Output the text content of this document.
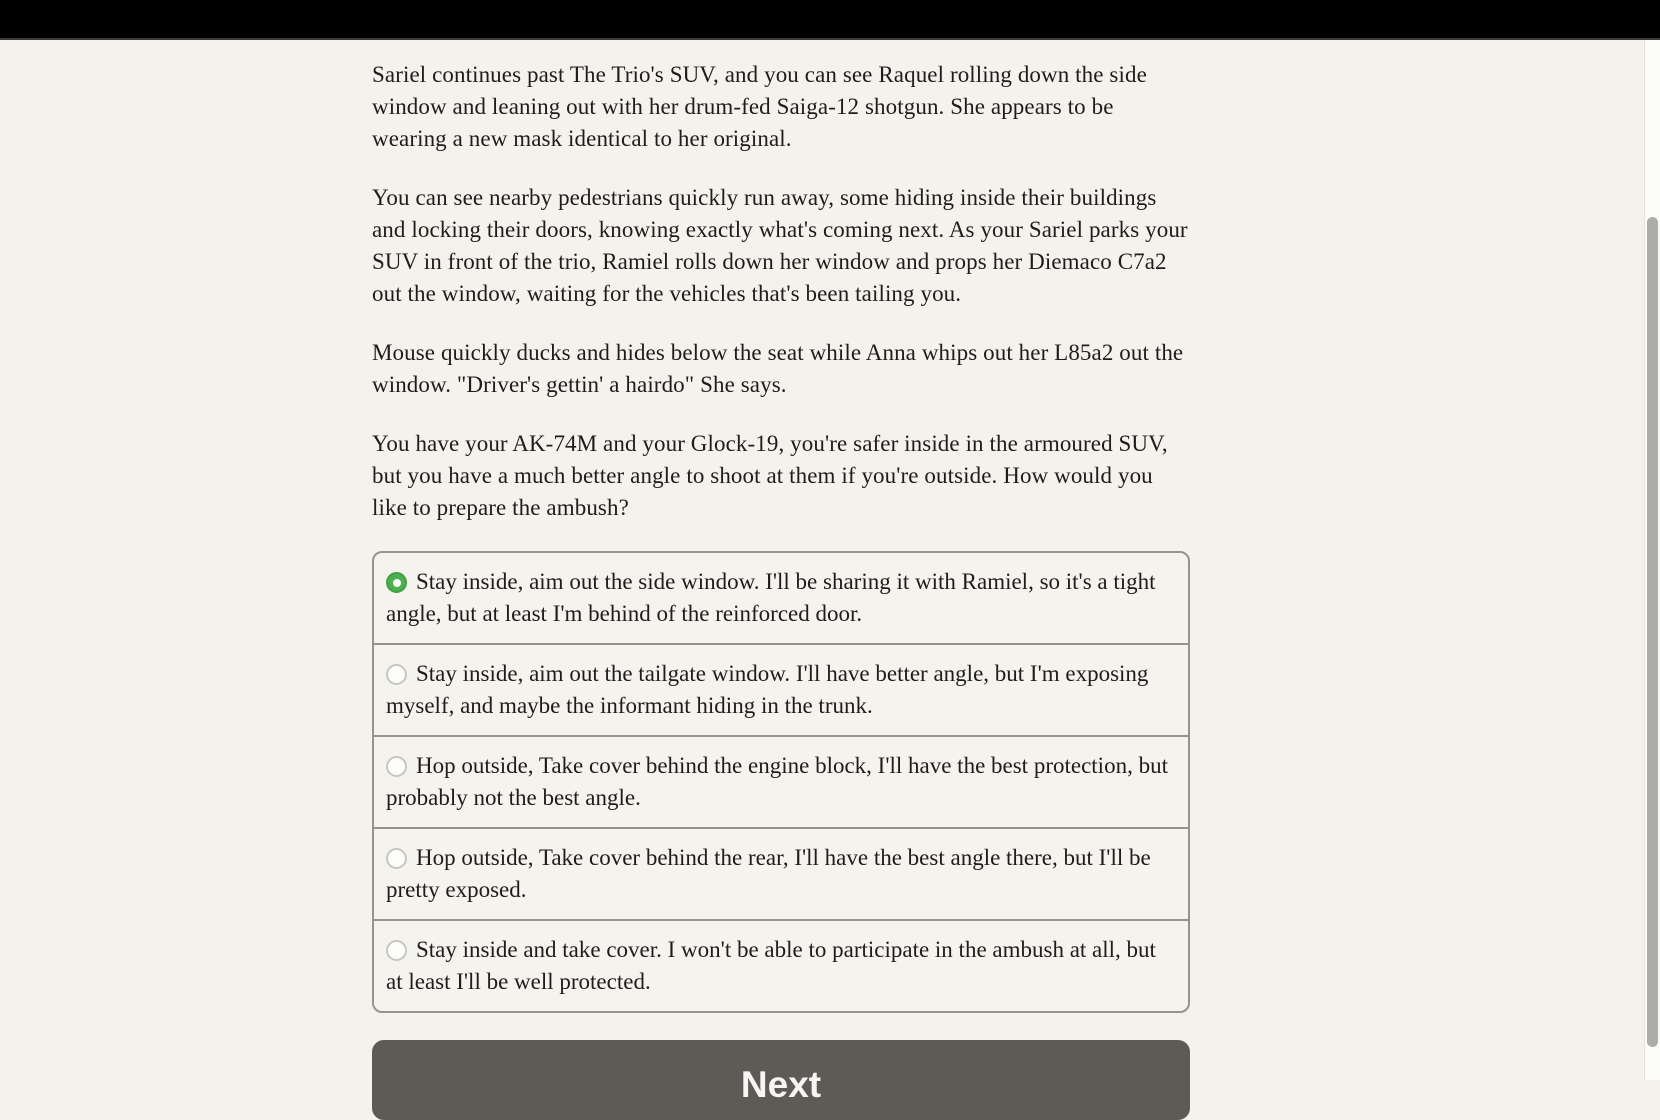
Sariel continues past The Trio's SUV, and you can see Raquel rolling down the side window and leaning out with her drum-fed Saiga-12 shotgun. She appears to be wearing a new mask identical to her original.

You can see nearby pedestrians quickly run away, some hiding inside their buildings and locking their doors, knowing exactly what's coming next. As your Sariel parks your SUV in front of the trio, Ramiel rolls down her window and props her Diemaco C7a2 out the window, waiting for the vehicles that's been tailing you.

Mouse quickly ducks and hides below the seat while Anna whips out her L85a2 out the window. "Driver's gettin' a hairdo" She says.

You have your AK-74M and your Glock-19, you're safer inside in the armoured SUV, but you have a much better angle to shoot at them if you're outside. How would you like to prepare the ambush?

Stay inside, aim out the side window. I'll be sharing it with Ramiel, so it's a tight angle, but at least I'm behind of the reinforced door.
Stay inside, aim out the tailgate window. I'll have better angle, but I'm exposing myself, and maybe the informant hiding in the trunk.
Hop outside, Take cover behind the engine block, I'll have the best protection, but probably not the best angle.
Hop outside, Take cover behind the rear, I'll have the best angle there, but I'll be pretty exposed.
Stay inside and take cover. I won't be able to participate in the ambush at all, but at least I'll be well protected.
Next
